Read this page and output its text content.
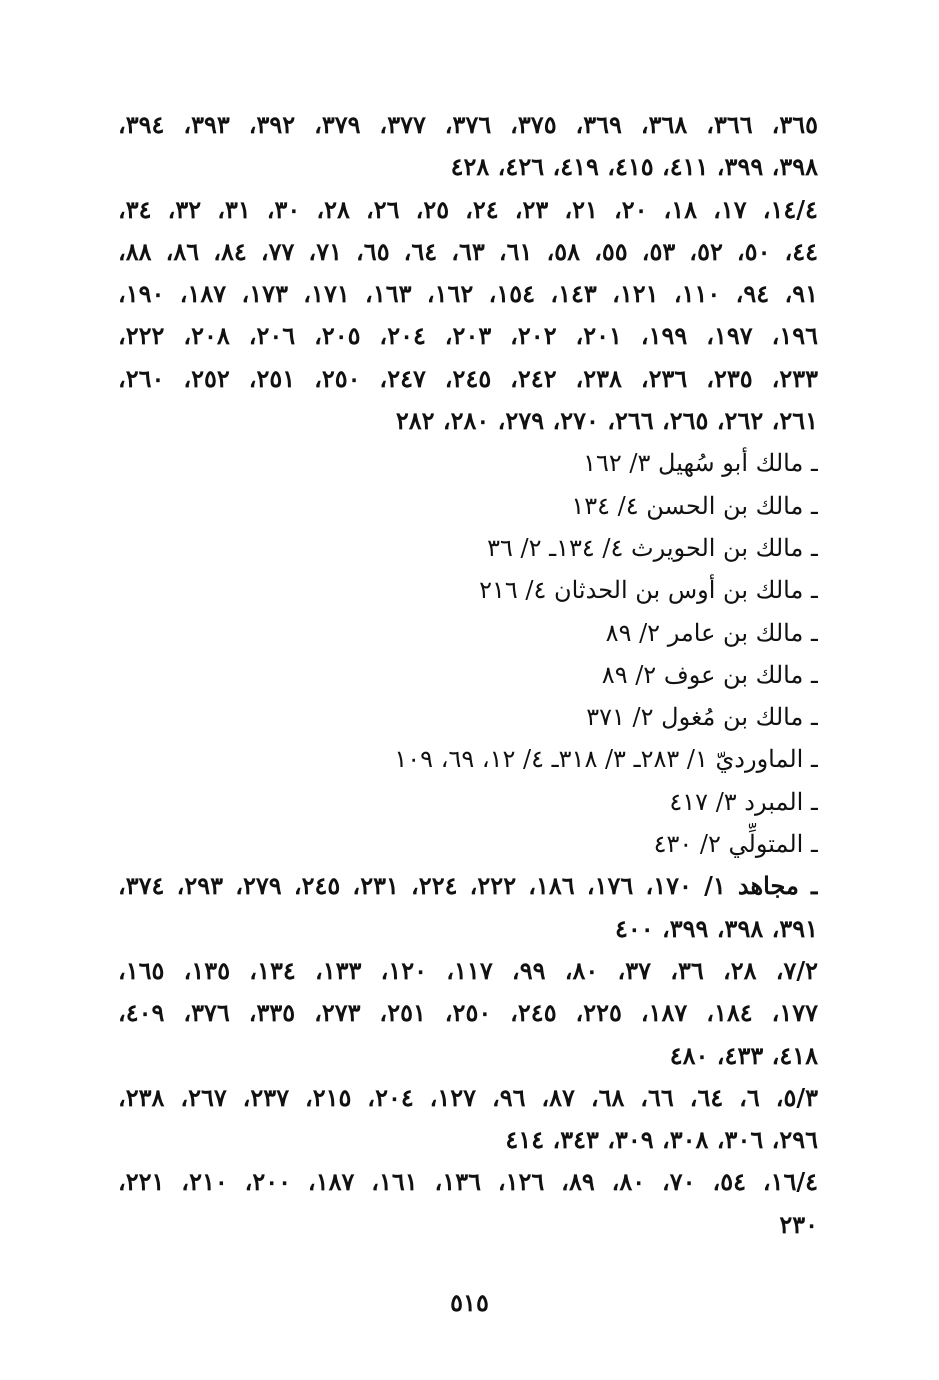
٣٦٥، ٣٦٦، ٣٦٨، ٣٦٩، ٣٧٥، ٣٧٦، ٣٧٧، ٣٧٩، ٣٩٢، ٣٩٣، ٣٩٤،
٣٩٨، ٣٩٩، ٤١١، ٤١٥، ٤١٩، ٤٢٦، ٤٢٨
١٤/٤، ١٧، ١٨، ٢٠، ٢١، ٢٣، ٢٤، ٢٥، ٢٦، ٢٨، ٣٠، ٣١، ٣٢، ٣٤،
٤٤، ٥٠، ٥٢، ٥٣، ٥٥، ٥٨، ٦١، ٦٣، ٦٤، ٦٥، ٧١، ٧٧، ٨٤، ٨٦، ٨٨،
٩١، ٩٤، ١١٠، ١٢١، ١٤٣، ١٥٤، ١٦٢، ١٦٣، ١٧١، ١٧٣، ١٨٧، ١٩٠،
١٩٦، ١٩٧، ١٩٩، ٢٠١، ٢٠٢، ٢٠٣، ٢٠٤، ٢٠٥، ٢٠٦، ٢٠٨، ٢٢٢،
٢٣٣، ٢٣٥، ٢٣٦، ٢٣٨، ٢٤٢، ٢٤٥، ٢٤٧، ٢٥٠، ٢٥١، ٢٥٢، ٢٦٠،
٢٦١، ٢٦٢، ٢٦٥، ٢٦٦، ٢٧٠، ٢٧٩، ٢٨٠، ٢٨٢
ـ مالك أبو سُهيل ٣/ ١٦٢
ـ مالك بن الحسن ٤/ ١٣٤
ـ مالك بن الحويرث ٤/ ١٣٤ـ ٢/ ٣٦
ـ مالك بن أوس بن الحدثان ٤/ ٢١٦
ـ مالك بن عامر ٢/ ٨٩
ـ مالك بن عوف ٢/ ٨٩
ـ مالك بن مُغول ٢/ ٣٧١
ـ الماورديّ ١/ ٢٨٣ـ ٣/ ٣١٨ـ ٤/ ١٢، ٦٩، ١٠٩
ـ المبرد ٣/ ٤١٧
ـ المتولِّي ٢/ ٤٣٠
ـ مجاهد ١/ ١٧٠، ١٧٦، ١٨٦، ٢٢٢، ٢٢٤، ٢٣١، ٢٤٥، ٢٧٩، ٢٩٣، ٣٧٤،
٣٩١، ٣٩٨، ٣٩٩، ٤٠٠
٧/٢، ٢٨، ٣٦، ٣٧، ٨٠، ٩٩، ١١٧، ١٢٠، ١٣٣، ١٣٤، ١٣٥، ١٦٥،
١٧٧، ١٨٤، ١٨٧، ٢٢٥، ٢٤٥، ٢٥٠، ٢٥١، ٢٧٣، ٣٣٥، ٣٧٦، ٤٠٩،
٤١٨، ٤٣٣، ٤٨٠
٥/٣، ٦، ٦٤، ٦٦، ٦٨، ٨٧، ٩٦، ١٢٧، ٢٠٤، ٢١٥، ٢٣٧، ٢٦٧، ٢٣٨،
٢٩٦، ٣٠٦، ٣٠٨، ٣٠٩، ٣٤٣، ٤١٤
١٦/٤، ٥٤، ٧٠، ٨٠، ٨٩، ١٢٦، ١٣٦، ١٦١، ١٨٧، ٢٠٠، ٢١٠، ٢٢١،
٢٣٠
٥١٥
